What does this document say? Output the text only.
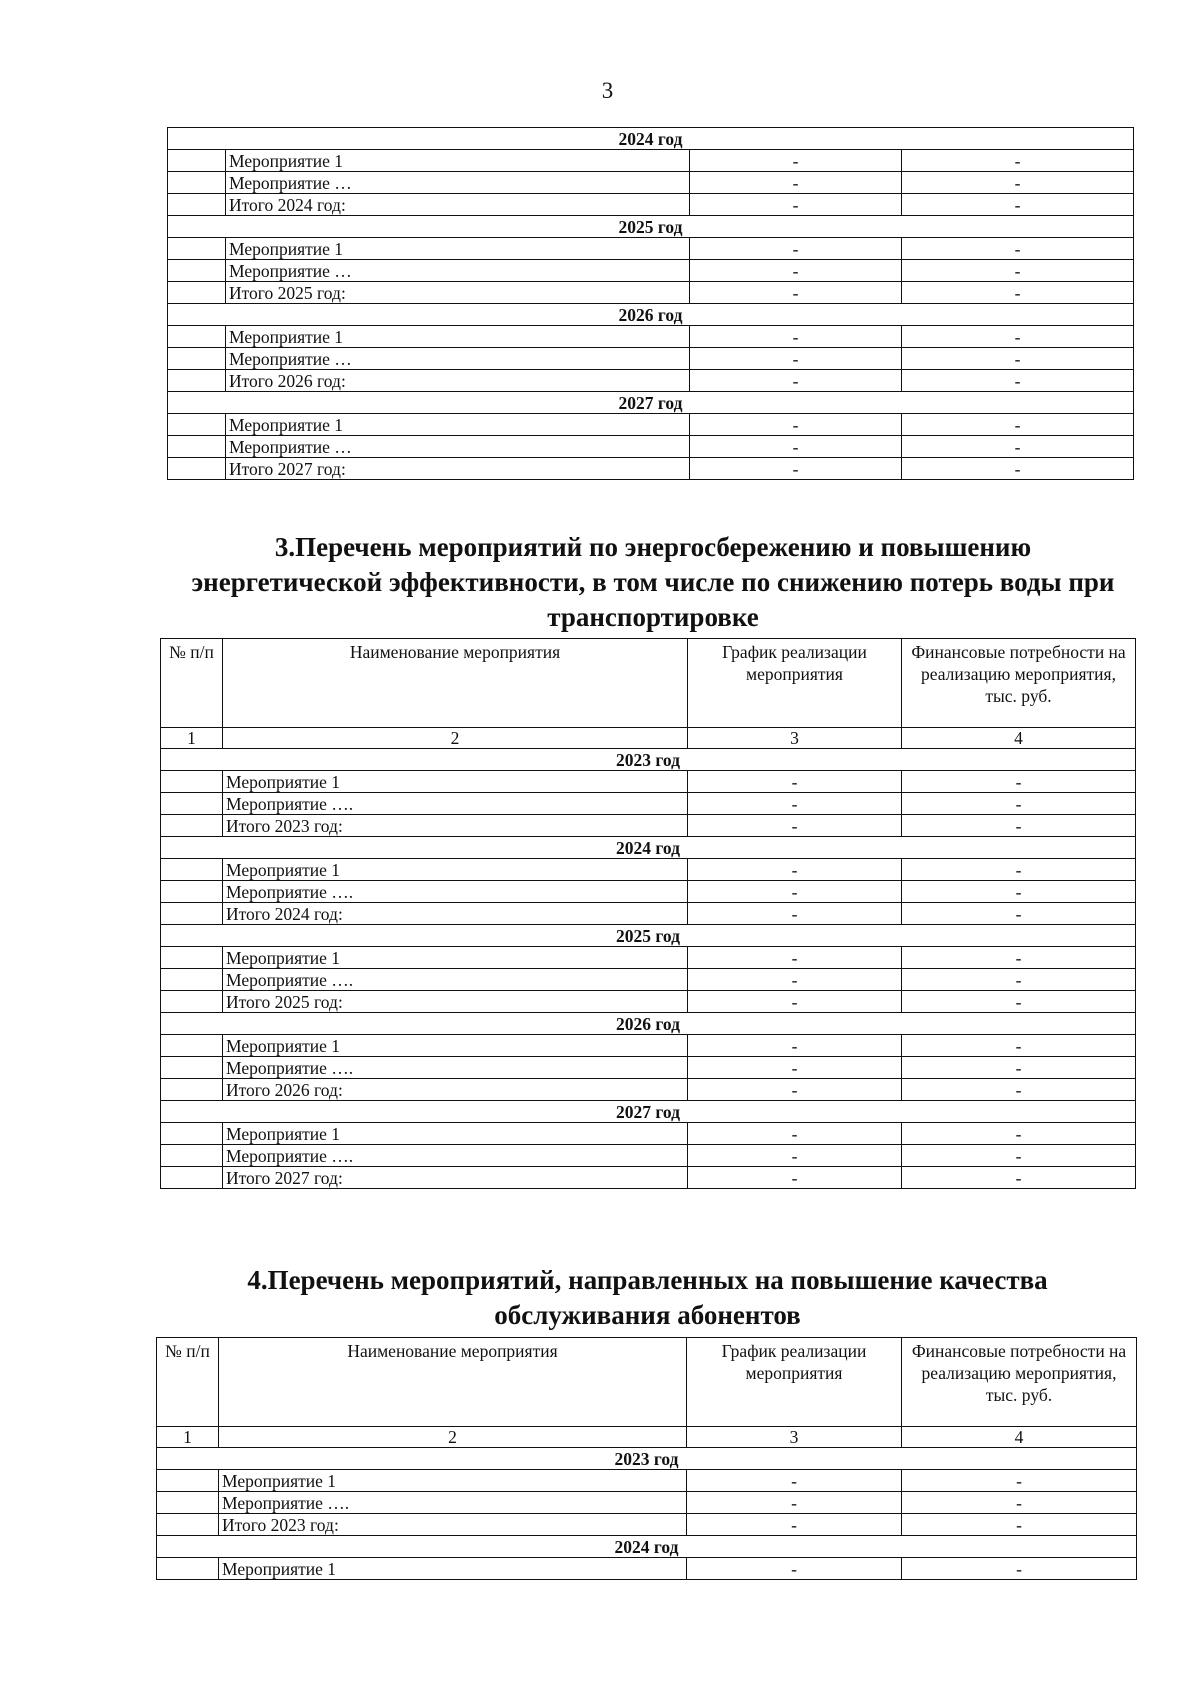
3
2024 год			
	Мероприятие 1	-	-
	Мероприятие …	-	-
	Итого 2024 год:	-	-
2025 год			
	Мероприятие 1	-	-
	Мероприятие …	-	-
	Итого 2025 год:	-	-
2026 год			
	Мероприятие 1	-	-
	Мероприятие …	-	-
	Итого 2026 год:	-	-
2027 год			
	Мероприятие 1	-	-
	Мероприятие …	-	-
	Итого 2027 год:	-	-
3.Перечень мероприятий по энергосбережению и повышению
энергетической эффективности, в том числе по снижению потерь воды при
транспортировке
№ п/п	Наименование мероприятия	График реализации мероприятия	Финансовые потребности на реализацию мероприятия, тыс. руб.
1	2	3	4
2023 год			
	Мероприятие 1	-	-
	Мероприятие ….	-	-
	Итого 2023 год:	-	-
2024 год			
	Мероприятие 1	-	-
	Мероприятие ….	-	-
	Итого 2024 год:	-	-
2025 год			
	Мероприятие 1	-	-
	Мероприятие ….	-	-
	Итого 2025 год:	-	-
2026 год			
	Мероприятие 1	-	-
	Мероприятие ….	-	-
	Итого 2026 год:	-	-
2027 год			
	Мероприятие 1	-	-
	Мероприятие ….	-	-
	Итого 2027 год:	-	-
4.Перечень мероприятий, направленных на повышение качества
обслуживания абонентов
№ п/п	Наименование мероприятия	График реализации мероприятия	Финансовые потребности на реализацию мероприятия, тыс. руб.
1	2	3	4
2023 год			
	Мероприятие 1	-	-
	Мероприятие ….	-	-
	Итого 2023 год:	-	-
2024 год			
	Мероприятие 1	-	-
